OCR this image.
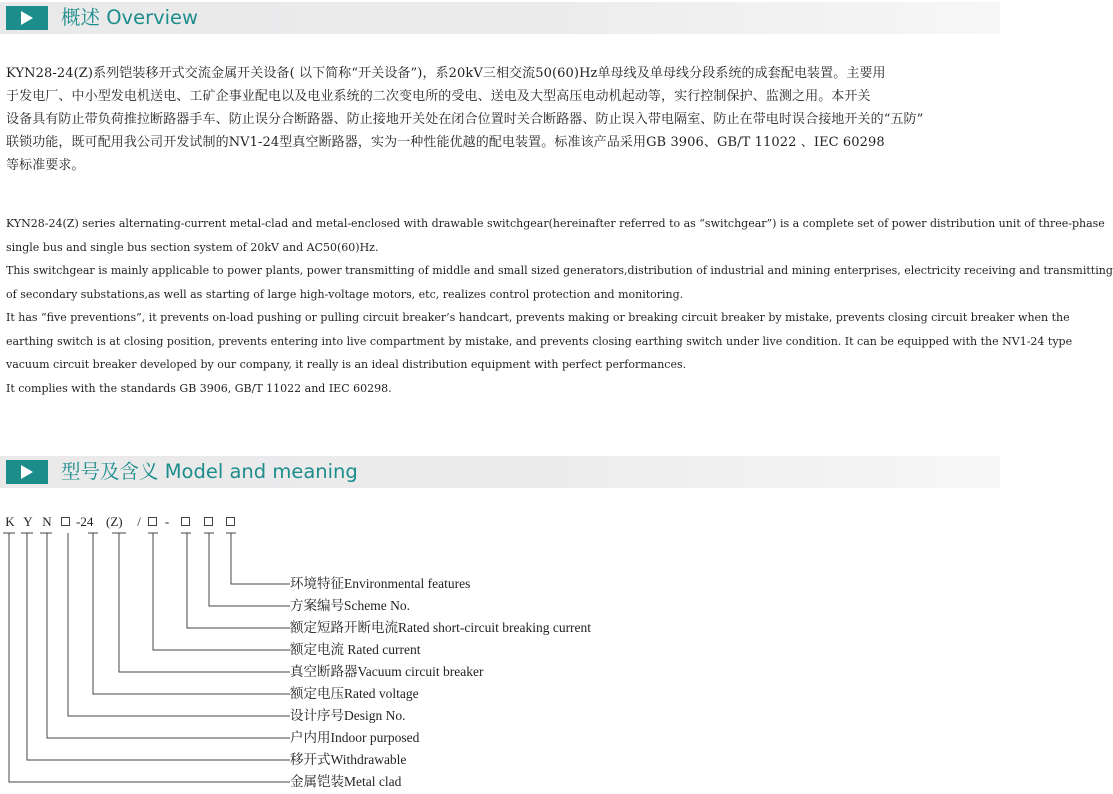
概述 Overview
KYN28-24(Z)系列铠装移开式交流金属开关设备( 以下简称“开关设备”)，系20kV三相交流50(60)Hz单母线及单母线分段系统的成套配电装置。主要用
于发电厂、中小型发电机送电、工矿企事业配电以及电业系统的二次变电所的受电、送电及大型高压电动机起动等，实行控制保护、监测之用。本开关
设备具有防止带负荷推拉断路器手车、防止误分合断路器、防止接地开关处在闭合位置时关合断路器、防止误入带电隔室、防止在带电时误合接地开关的“五防”
联锁功能，既可配用我公司开发试制的NV1-24型真空断路器，实为一种性能优越的配电装置。标准该产品采用GB 3906、GB/T 11022 、IEC 60298
等标准要求。
KYN28-24(Z) series alternating-current metal-clad and metal-enclosed with drawable switchgear(hereinafter referred to as “switchgear”) is a complete set of power distribution unit of three-phase
single bus and single bus section system of 20kV and AC50(60)Hz.
This switchgear is mainly applicable to power plants, power transmitting of middle and small sized generators,distribution of industrial and mining enterprises, electricity receiving and transmitting
of secondary substations,as well as starting of large high-voltage motors, etc, realizes control protection and monitoring.
It has “five preventions”, it prevents on-load pushing or pulling circuit breaker’s handcart, prevents making or breaking circuit breaker by mistake, prevents closing circuit breaker when the
earthing switch is at closing position, prevents entering into live compartment by mistake, and prevents closing earthing switch under live condition. It can be equipped with the NV1-24 type
vacuum circuit breaker developed by our company, it really is an ideal distribution equipment with perfect performances.
It complies with the standards GB 3906, GB/T 11022 and IEC 60298.
型号及含义 Model and meaning
K Y N -24 (Z)	/	-
环境特征Environmental features
方案编号Scheme No.
额定短路开断电流Rated short-circuit breaking current
额定电流 Rated current
真空断路器Vacuum circuit breaker
额定电压Rated voltage
设计序号Design No.
户内用Indoor purposed
移开式Withdrawable
金属铠装Metal clad
